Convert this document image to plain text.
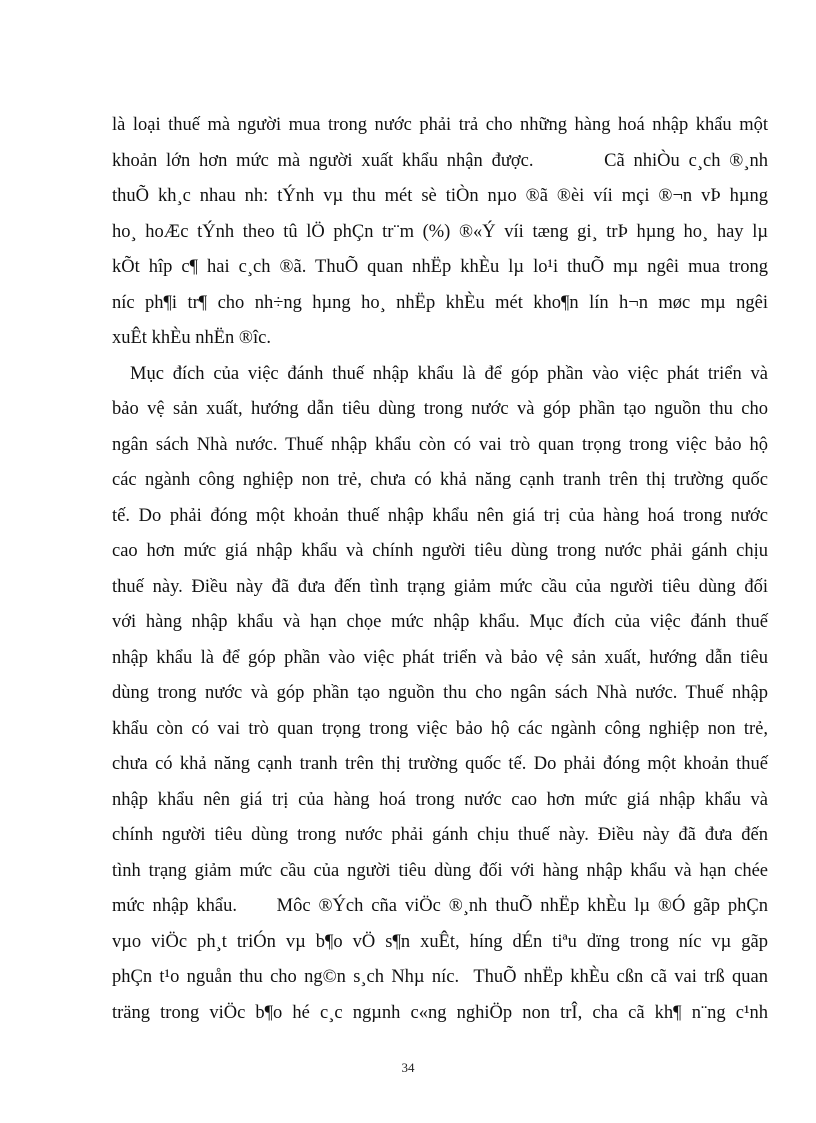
là loại thuế mà người mua trong nước phải trả cho những hàng hoá nhập khẩu một
khoản lớn hơn mức mà người xuất khẩu nhận được.        Cã nhiÒu c¸ch ®¸nh
thuÕ kh¸c nhau nh: tÝnh vµ thu mét sè tiÒn nµo ®ã ®èi víi mçi ®¬n vÞ hµng
ho¸ hoÆc tÝnh theo tû lÖ phÇn tr¨m (%) ®«Ý víi tæng gi¸ trÞ hµng ho¸ hay lµ
kÕt hîp c¶ hai c¸ch ®ã. ThuÕ quan nhËp khÈu lµ lo¹i thuÕ mµ ngêi mua trong
níc ph¶i tr¶ cho nh÷ng hµng ho¸ nhËp khÈu mét kho¶n lín h¬n møc mµ ngêi
xuÊt khÈu nhËn ®îc.
Mục đích của việc đánh thuế nhập khẩu là để góp phần vào việc phát triển và
bảo vệ sản xuất, hướng dẫn tiêu dùng trong nước và góp phần tạo nguồn thu cho
ngân sách Nhà nước. Thuế nhập khẩu còn có vai trò quan trọng trong việc bảo hộ
các ngành công nghiệp non trẻ, chưa có khả năng cạnh tranh trên thị trường quốc
tế. Do phải đóng một khoản thuế nhập khẩu nên giá trị của hàng hoá trong nước
cao hơn mức giá nhập khẩu và chính người tiêu dùng trong nước phải gánh chịu
thuế này. Điều này đã đưa đến tình trạng giảm mức cầu của người tiêu dùng đối
với hàng nhập khẩu và hạn chọe mức nhập khẩu. Mục đích của việc đánh thuế
nhập khẩu là để góp phần vào việc phát triển và bảo vệ sản xuất, hướng dẫn tiêu
dùng trong nước và góp phần tạo nguồn thu cho ngân sách Nhà nước. Thuế nhập
khẩu còn có vai trò quan trọng trong việc bảo hộ các ngành công nghiệp non trẻ,
chưa có khả năng cạnh tranh trên thị trường quốc tế. Do phải đóng một khoản thuế
nhập khẩu nên giá trị của hàng hoá trong nước cao hơn mức giá nhập khẩu và
chính người tiêu dùng trong nước phải gánh chịu thuế này. Điều này đã đưa đến
tình trạng giảm mức cầu của người tiêu dùng đối với hàng nhập khẩu và hạn chée
mức nhập khẩu.     Môc ®Ých cña viÖc ®¸nh thuÕ nhËp khÈu lµ ®Ó gãp phÇn
vµo viÖc ph¸t triÓn vµ b¶o vÖ s¶n xuÊt, híng dÉn tiªu dïng trong níc vµ gãp
phÇn t¹o nguån thu cho ng©n s¸ch Nhµ níc.  ThuÕ nhËp khÈu cßn cã vai trß quan
träng trong viÖc b¶o hé c¸c ngµnh c«ng nghiÖp non trÎ, cha cã kh¶ n¨ng c¹nh
34
